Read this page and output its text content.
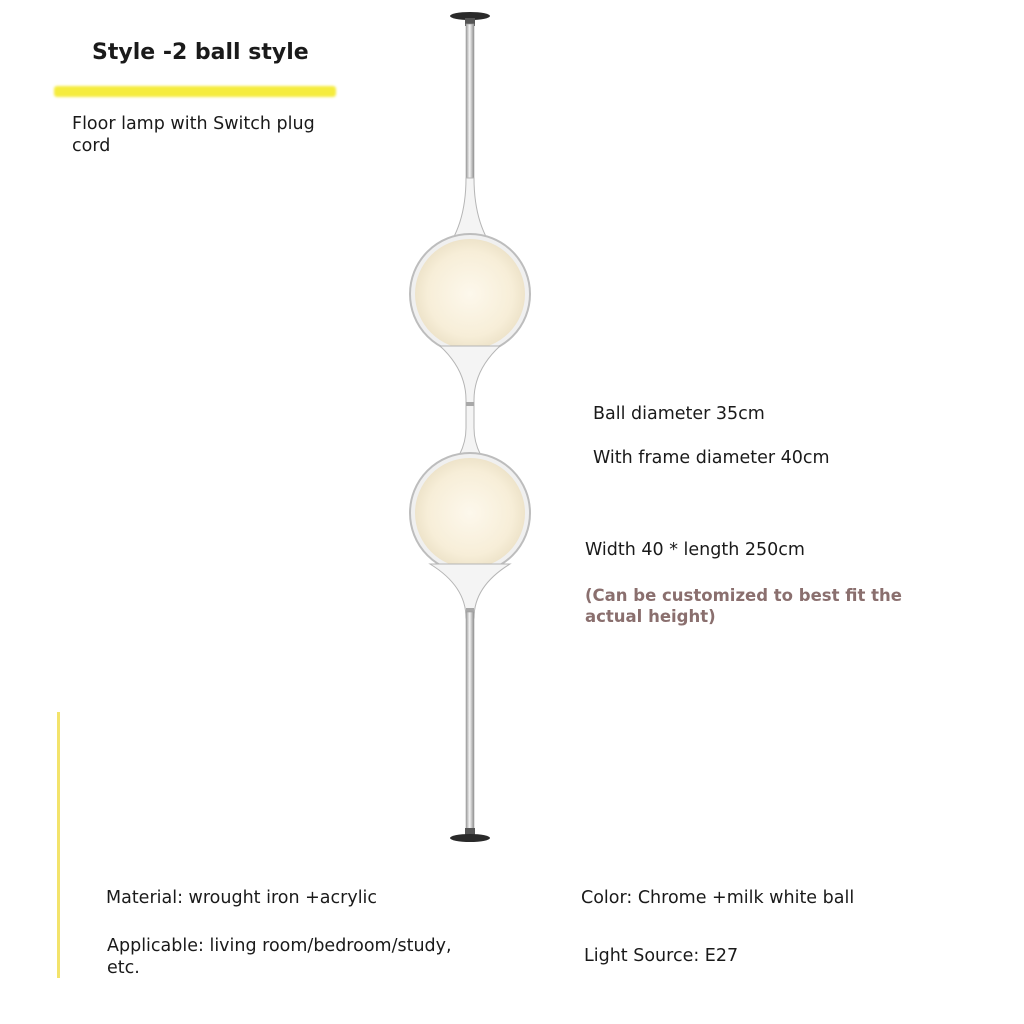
Style -2 ball style
Floor lamp with Switch plug cord
Ball diameter 35cm
With frame diameter 40cm
Width 40 * length 250cm
(Can be customized to best fit the actual height)
Material: wrought iron +acrylic
Applicable: living room/bedroom/study, etc.
Color: Chrome +milk white ball
Light Source: E27
